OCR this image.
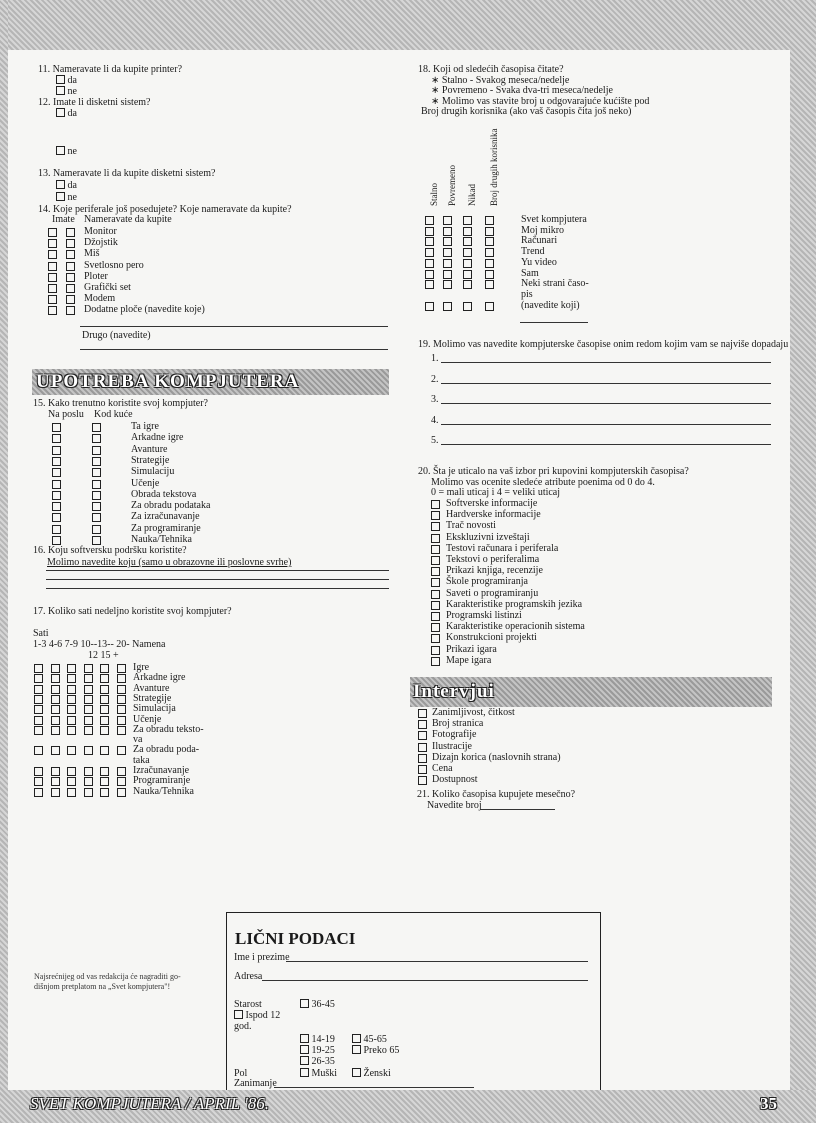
11. Nameravate li da kupite printer?
da
ne
12. Imate li disketni sistem?
da
ne
13. Nameravate li da kupite disketni sistem?
da
ne
14. Koje periferale još posedujete? Koje nameravate da kupite?
Imate Nameravate da kupite
Monitor
Džojstik
Miš
Svetlosno pero
Ploter
Grafički set
Modem
Dodatne ploče (navedite koje)
Drugo (navedite)
UPOTREBA KOMPJUTERA
15. Kako trenutno koristite svoj kompjuter?
Na poslu Kod kuće
Ta igre
Arkadne igre
Avanture
Strategije
Simulaciju
Učenje
Obrada tekstova
Za obradu podataka
Za izračunavanje
Za programiranje
Nauka/Tehnika
16. Koju softversku podršku koristite?
Molimo navedite koju (samo u obrazovne ili poslovne svrhe)
17. Koliko sati nedeljno koristite svoj kompjuter?
Sati
1-3 4-6 7-9 10--13-- 20- Namena
12 15 +
Igre
Arkadne igre
Avanture
Strategije
Simulacija
Učenje
Za obradu teksto-
va
Za obradu poda-
taka
Izračunavanje
Programiranje
Nauka/Tehnika
Najsrećnijeg od vas redakcija će nagraditi go-
dišnjom pretplatom na „Svet kompjutera"!
18. Koji od sledećih časopisa čitate?
∗ Stalno - Svakog meseca/nedelje
∗ Povremeno - Svaka dva-tri meseca/nedelje
∗ Molimo vas stavite broj u odgovarajuće kućište pod
Broj drugih korisnika (ako vaš časopis čita još neko)
Stalno Povremeno Nikad Broj drugih korisnika
Svet kompjutera
Moj mikro
Računari
Trend
Yu video
Sam
Neki strani časo-
pis
(navedite koji)
19. Molimo vas navedite kompjuterske časopise onim redom kojim vam se najviše dopadaju
1.
2.
3.
4.
5.
20. Šta je uticalo na vaš izbor pri kupovini kompjuterskih časopisa?
Molimo vas ocenite sledeće atribute poenima od 0 do 4.
0 = mali uticaj i 4 = veliki uticaj
Softverske informacije
Hardverske informacije
Trač novosti
Ekskluzivni izveštaji
Testovi računara i periferala
Tekstovi o periferalima
Prikazi knjiga, recenzije
Škole programiranja
Saveti o programiranju
Karakteristike programskih jezika
Programski listinzi
Karakteristike operacionih sistema
Konstrukcioni projekti
Prikazi igara
Mape igara
Intervjui
Zanimljivost, čitkost
Broj stranica
Fotografije
Ilustracije
Dizajn korica (naslovnih strana)
Cena
Dostupnost
21. Koliko časopisa kupujete mesečno?
Navedite broj
LIČNI PODACI
Ime i prezime
Adresa
Starost	36-45
Ispod 12
god.
14-19	45-65
19-25	Preko 65
26-35
Pol	Muški	Ženski
Zanimanje
SVET KOMPJUTERA / APRIL '86.	35
